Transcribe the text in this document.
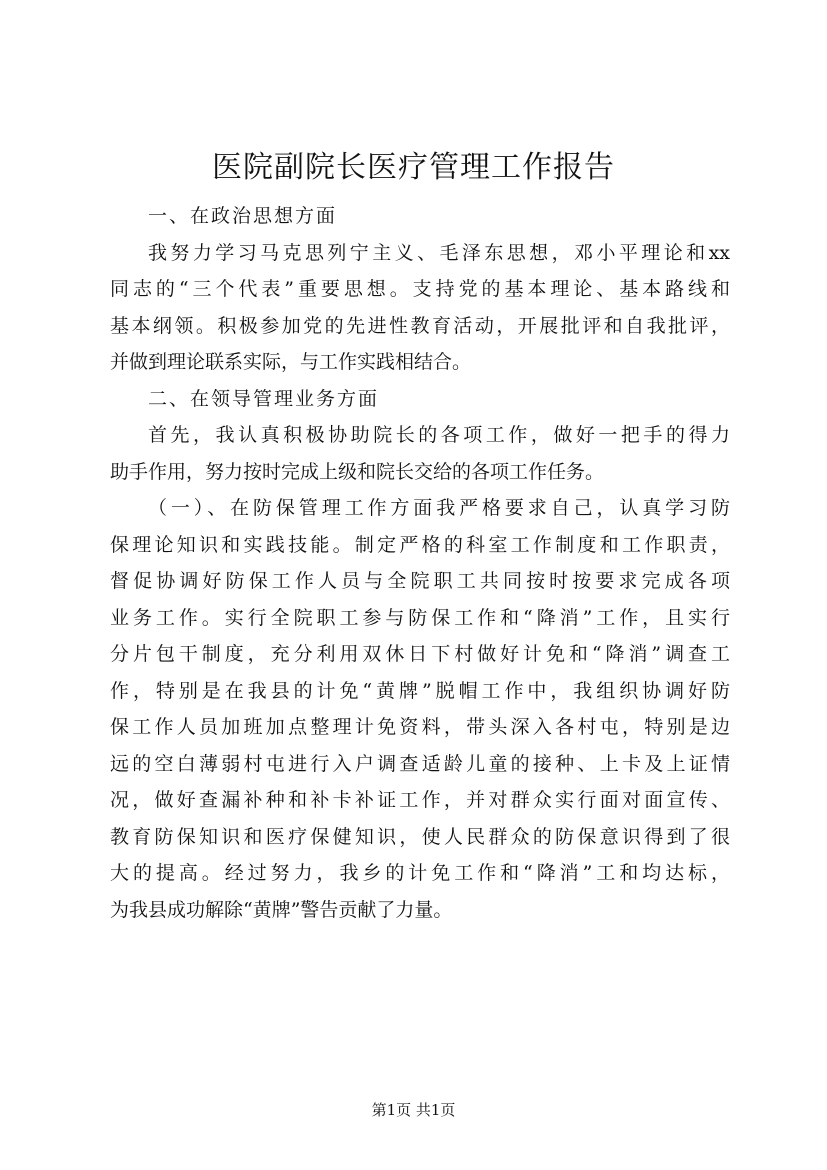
医院副院长医疗管理工作报告

一、在政治思想方面

我努力学习马克思列宁主义、毛泽东思想，邓小平理论和xx
同志的“三个代表”重要思想。支持党的基本理论、基本路线和
基本纲领。积极参加党的先进性教育活动，开展批评和自我批评，
并做到理论联系实际，与工作实践相结合。

二、在领导管理业务方面

首先，我认真积极协助院长的各项工作，做好一把手的得力
助手作用，努力按时完成上级和院长交给的各项工作任务。
（一）、在防保管理工作方面我严格要求自己，认真学习防
保理论知识和实践技能。制定严格的科室工作制度和工作职责，
督促协调好防保工作人员与全院职工共同按时按要求完成各项
业务工作。实行全院职工参与防保工作和“降消”工作，且实行
分片包干制度，充分利用双休日下村做好计免和“降消”调查工
作，特别是在我县的计免“黄牌”脱帽工作中，我组织协调好防
保工作人员加班加点整理计免资料，带头深入各村屯，特别是边
远的空白薄弱村屯进行入户调查适龄儿童的接种、上卡及上证情
况，做好查漏补种和补卡补证工作，并对群众实行面对面宣传、
教育防保知识和医疗保健知识，使人民群众的防保意识得到了很
大的提高。经过努力，我乡的计免工作和“降消”工和均达标，
为我县成功解除“黄牌”警告贡献了力量。
第1页 共1页
